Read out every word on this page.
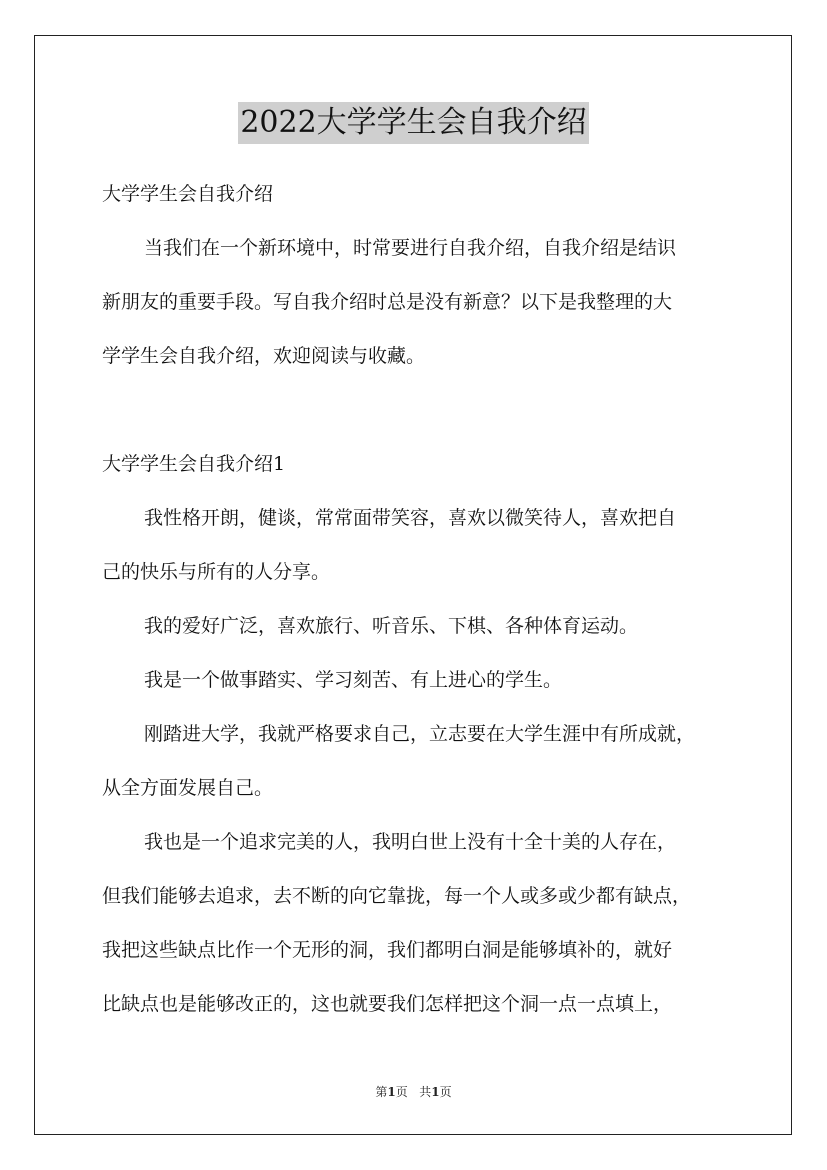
2022大学学生会自我介绍
大学学生会自我介绍
当我们在一个新环境中，时常要进行自我介绍，自我介绍是结识
新朋友的重要手段。写自我介绍时总是没有新意？以下是我整理的大
学学生会自我介绍，欢迎阅读与收藏。
大学学生会自我介绍1
我性格开朗，健谈，常常面带笑容，喜欢以微笑待人，喜欢把自
己的快乐与所有的人分享。
我的爱好广泛，喜欢旅行、听音乐、下棋、各种体育运动。
我是一个做事踏实、学习刻苦、有上进心的学生。
刚踏进大学，我就严格要求自己，立志要在大学生涯中有所成就，
从全方面发展自己。
我也是一个追求完美的人，我明白世上没有十全十美的人存在，
但我们能够去追求，去不断的向它靠拢，每一个人或多或少都有缺点，
我把这些缺点比作一个无形的洞，我们都明白洞是能够填补的，就好
比缺点也是能够改正的，这也就要我们怎样把这个洞一点一点填上，
第1页 共1页
